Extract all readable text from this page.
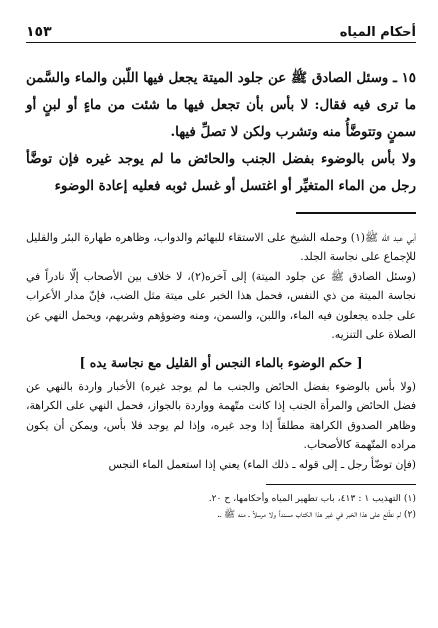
أحكام المياه
١٥٣

١٥ ـ وسئل الصادق ﷺ عن جلود الميتة يجعل فيها اللّبن والماء والسَّمن ما ترى فيه فقال: لا بأس بأن تجعل فيها ما شئت من ماءٍ أو لبنٍ أو سمنٍ وتتوضَّأُ منه وتشرب ولكن لا تصلِّ فيها.

ولا بأس بالوضوء بفضل الجنب والحائض ما لم يوجد غيره فإن توضَّأ رجل من الماء المتغيِّر أو اغتسل أو غسل ثوبه فعليه إعادة الوضوء

أبي عبد الله ﷺ(١) وحمله الشيخ على الاستقاء للبهائم والدواب، وظاهره طهارة البئر والقليل للإجماع على نجاسة الجلد.

(وسئل الصادق ﷺ عن جلود الميتة) إلى آخره(٢)، لا خلاف بين الأصحاب إلّا نادراً في نجاسة الميتة من ذي النفس، فحمل هذا الخبر على ميتة مثل الضب، فإنّ مدار الأعراب على جلده يجعلون فيه الماء، واللبن، والسمن، ومنه وضوؤهم وشربهم، ويحمل النهي عن الصلاة على التنزيه.

[ حكم الوضوء بالماء النجس أو القليل مع نجاسة يده ]

(ولا بأس بالوضوء بفضل الحائض والجنب ما لم يوجد غيره) الأخبار واردة بالنهي عن فضل الحائض والمرأة الجنب إذا كانت متّهمة وواردة بالجواز، فحمل النهي على الكراهة، وظاهر الصدوق الكراهة مطلقاً إذا وجد غيره، وإذا لم يوجد فلا بأس، ويمكن أن يكون مراده المتّهمة كالأصحاب.

(فإن توضّأ رجل ـ إلى قوله ـ ذلك الماء) يعني إذا استعمل الماء النجس

(١) التهذيب ١ : ٤١٣، باب تطهير المياه وأحكامها، ح ٢٠.

(٢) لم نطّلع على هذا الخبر في غير هذا الكتاب مسنداً ولا مرسلاً ـ منه ﷺ ـ.
